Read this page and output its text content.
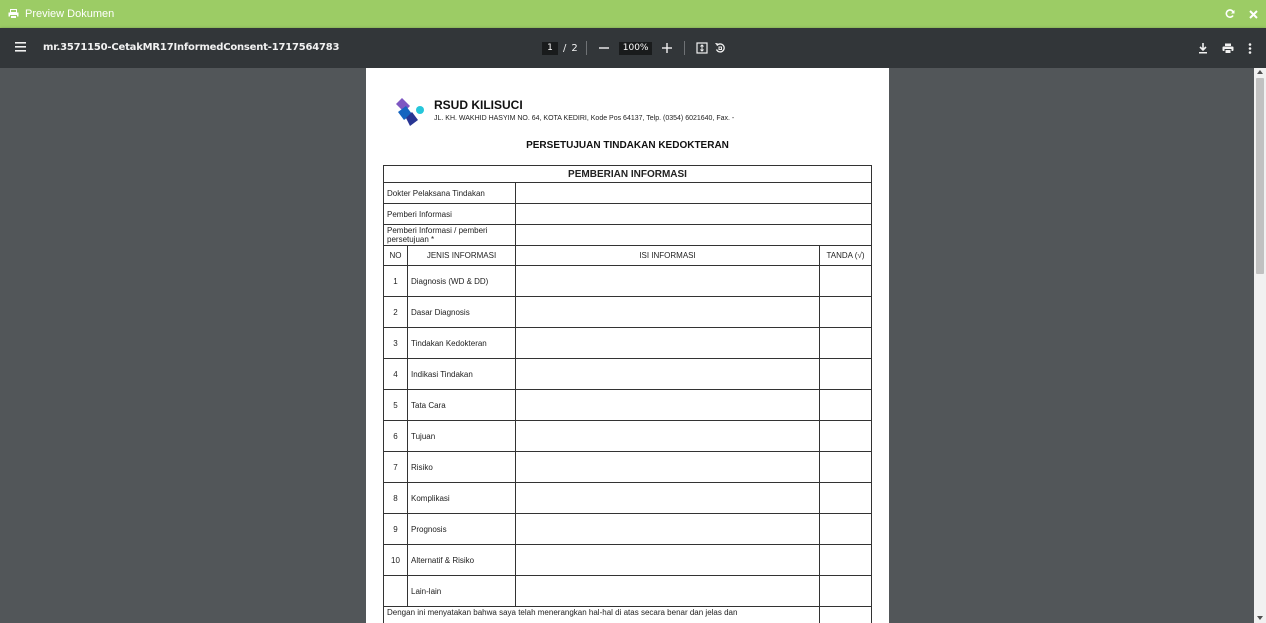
Preview Dokumen
mr.3571150-CetakMR17InformedConsent-1717564783	1	/ 2	100%
RSUD KILISUCI
JL. KH. WAKHID HASYIM NO. 64, KOTA KEDIRI, Kode Pos 64137, Telp. (0354) 6021640, Fax. -
PERSETUJUAN TINDAKAN KEDOKTERAN
PEMBERIAN INFORMASI			
Dokter Pelaksana Tindakan			
Pemberi Informasi			
Pemberi Informasi / pemberi persetujuan *			
NO	JENIS INFORMASI	ISI INFORMASI	TANDA (√)
1	Diagnosis (WD & DD)		
2	Dasar Diagnosis		
3	Tindakan Kedokteran		
4	Indikasi Tindakan		
5	Tata Cara		
6	Tujuan		
7	Risiko		
8	Komplikasi		
9	Prognosis		
10	Alternatif & Risiko		
	Lain-lain		
Dengan ini menyatakan bahwa saya telah menerangkan hal-hal di atas secara benar dan jelas dan			
